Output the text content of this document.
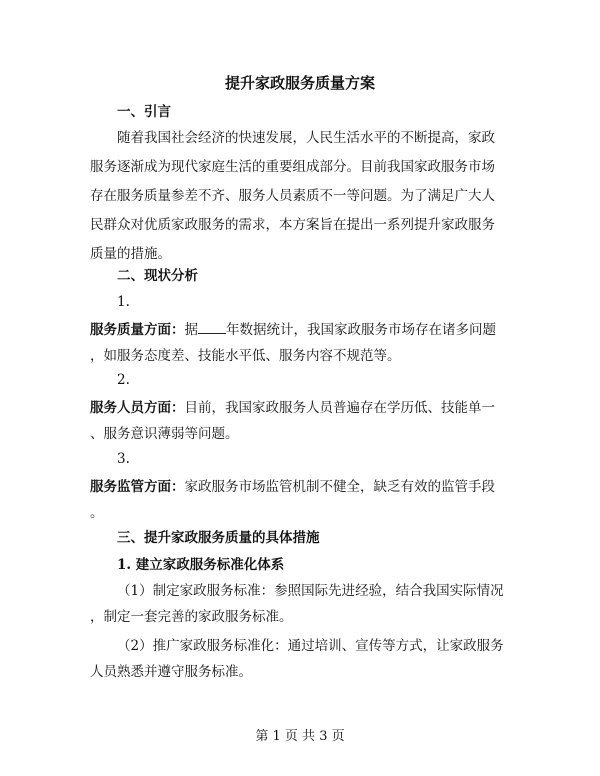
提升家政服务质量方案
一、引言
随着我国社会经济的快速发展，人民生活水平的不断提高，家政
服务逐渐成为现代家庭生活的重要组成部分。目前我国家政服务市场
存在服务质量参差不齐、服务人员素质不一等问题。为了满足广大人
民群众对优质家政服务的需求，本方案旨在提出一系列提升家政服务
质量的措施。
二、现状分析
1.
服务质量方面：据 年数据统计，我国家政服务市场存在诸多问题
，如服务态度差、技能水平低、服务内容不规范等。
2.
服务人员方面：目前，我国家政服务人员普遍存在学历低、技能单一
、服务意识薄弱等问题。
3.
服务监管方面：家政服务市场监管机制不健全，缺乏有效的监管手段
。
三、提升家政服务质量的具体措施
1. 建立家政服务标准化体系
（1）制定家政服务标准：参照国际先进经验，结合我国实际情况
，制定一套完善的家政服务标准。
（2）推广家政服务标准化：通过培训、宣传等方式，让家政服务
人员熟悉并遵守服务标准。
第 1 页 共 3 页
